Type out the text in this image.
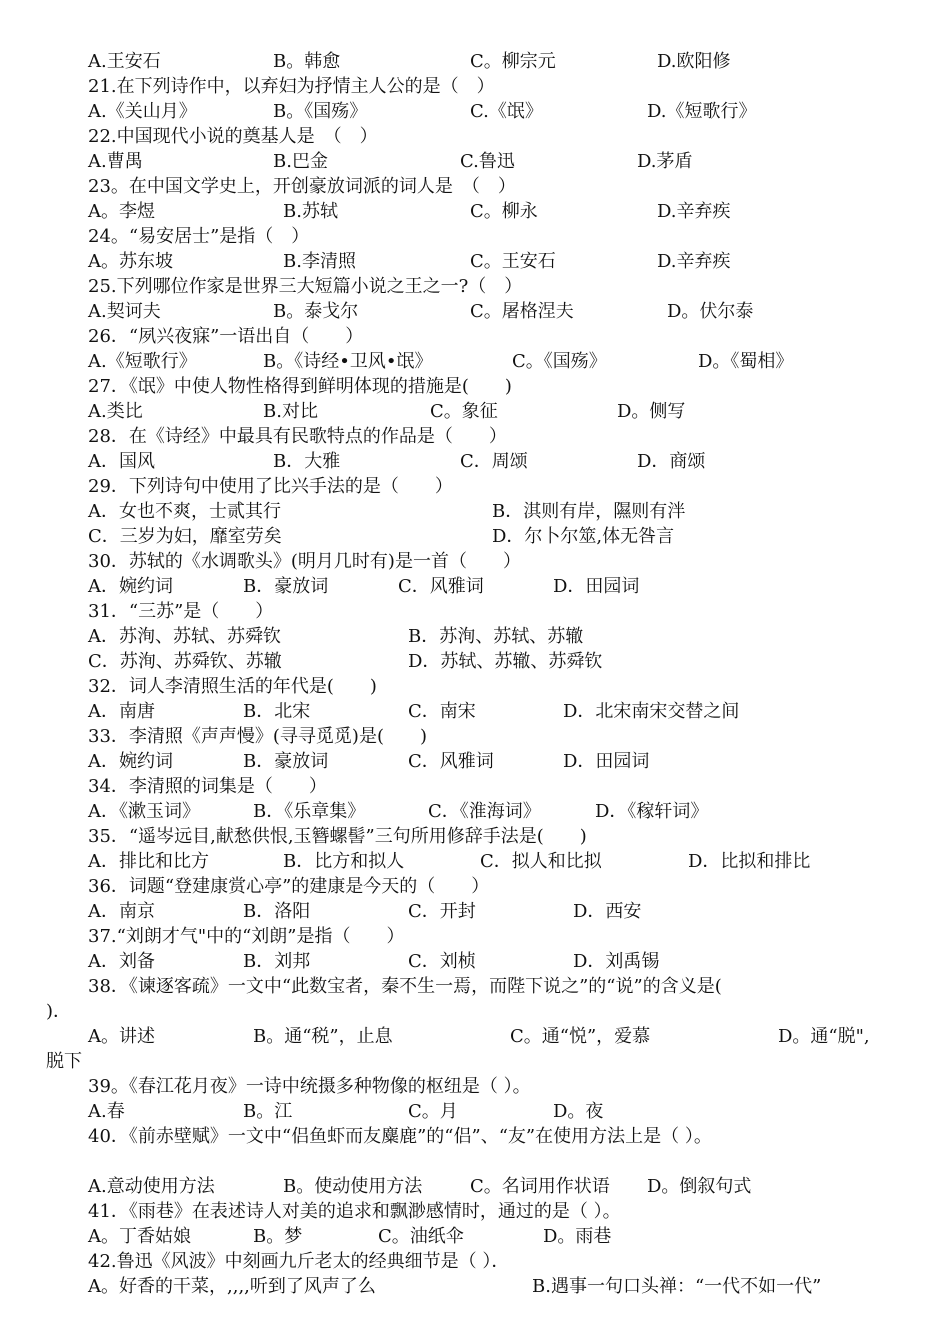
A.王安石	B。韩愈	C。柳宗元	D.欧阳修
21.在下列诗作中，以弃妇为抒情主人公的是（　）
A.《关山月》	B。《国殇》	C.《氓》	D.《短歌行》
22.中国现代小说的奠基人是　（　）
A.曹禺	B.巴金	C.鲁迅	D.茅盾
23。在中国文学史上，开创豪放词派的词人是　（　）
A。李煜	B.苏轼	C。柳永	D.辛弃疾
24。“易安居士”是指（　）
A。苏东坡	B.李清照	C。王安石	D.辛弃疾
25.下列哪位作家是世界三大短篇小说之王之一?（　）
A.契诃夫	B。泰戈尔	C。屠格涅夫	D。伏尔泰
26．“夙兴夜寐”一语出自（　　）
A.《短歌行》	B。《诗经•卫风•氓》	C。《国殇》	D。《蜀相》
27．《氓》中使人物性格得到鲜明体现的措施是(　　)
A.类比	B.对比	C。象征	D。侧写
28．在《诗经》中最具有民歌特点的作品是（　　）
A．国风	B．大雅	C．周颂	D．商颂
29．下列诗句中使用了比兴手法的是（　　）
A．女也不爽，士贰其行	B．淇则有岸，隰则有泮
C．三岁为妇，靡室劳矣	D．尔卜尔筮,体无咎言
30．苏轼的《水调歌头》(明月几时有)是一首（　　）
A．婉约词	B．豪放词	C．风雅词	D．田园词
31．“三苏”是（　　）
A．苏洵、苏轼、苏舜钦	B．苏洵、苏轼、苏辙
C．苏洵、苏舜钦、苏辙	D．苏轼、苏辙、苏舜钦
32．词人李清照生活的年代是(　　)
A．南唐	B．北宋	C．南宋	D．北宋南宋交替之间
33．李清照《声声慢》(寻寻觅觅)是(　　)
A．婉约词	B．豪放词	C．风雅词	D．田园词
34．李清照的词集是（　　）
A．《漱玉词》	B．《乐章集》	C．《淮海词》	D．《稼轩词》
35．“遥岑远目,献愁供恨,玉簪螺髻”三句所用修辞手法是(　　)
A．排比和比方	B．比方和拟人	C．拟人和比拟	D．比拟和排比
36．词题“登建康赏心亭”的建康是今天的（　　）
A．南京	B．洛阳	C．开封	D．西安
37.“刘朗才气"中的“刘朗”是指（　　）
A．刘备	B．刘邦	C．刘桢	D．刘禹锡
38．《谏逐客疏》一文中“此数宝者，秦不生一焉，而陛下说之”的“说”的含义是(
)．
A。讲述	B。通“税”，止息	C。通“悦”，爱慕	D。通“脱",
脱下
39。《春江花月夜》一诗中统摄多种物像的枢纽是（ ）。
A.春	B。江	C。月	D。夜
40．《前赤壁赋》一文中“侣鱼虾而友麋鹿”的“侣”、“友”在使用方法上是（ ）。
A.意动使用方法	B。使动使用方法	C。名词用作状语 D。倒叙句式
41．《雨巷》在表述诗人对美的追求和飘渺感情时，通过的是（ ）。
A。丁香姑娘	B。梦	C。油纸伞	D。雨巷
42.鲁迅《风波》中刻画九斤老太的经典细节是（ ）．
A。好香的干菜，,,,,听到了风声了么	B.遇事一句口头禅：“一代不如一代”
